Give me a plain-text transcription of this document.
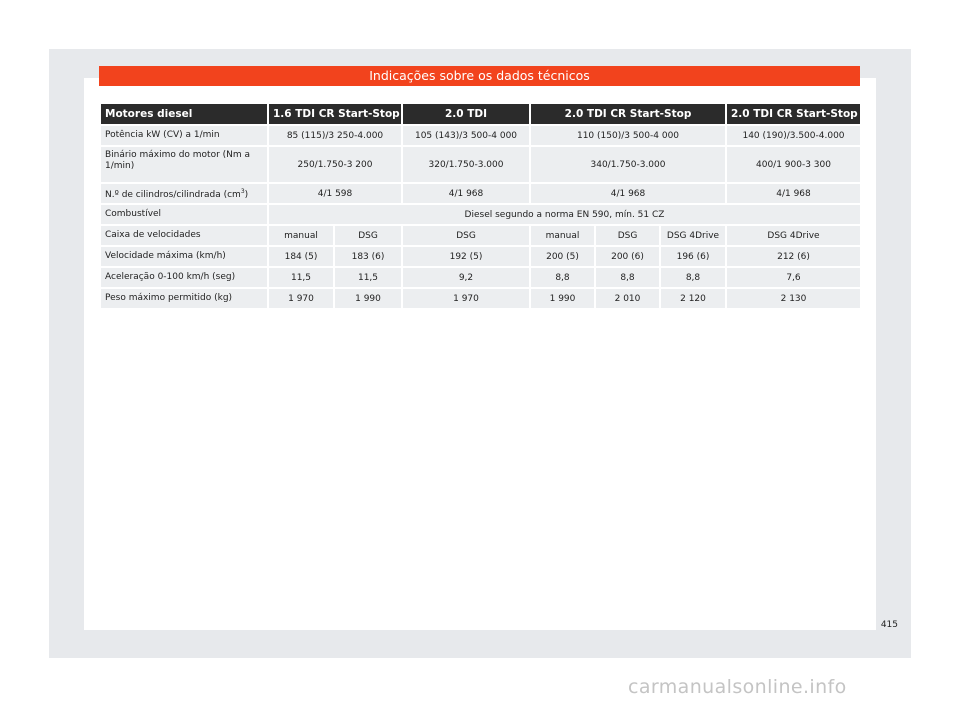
Indicações sobre os dados técnicos
Motores diesel	1.6 TDI CR Start-Stop		2.0 TDI	2.0 TDI CR Start-Stop			2.0 TDI CR Start-Stop
Potência kW (CV) a 1/min	85 (115)/3 250-4.000		105 (143)/3 500-4 000	110 (150)/3 500-4 000			140 (190)/3.500-4.000
Binário máximo do motor (Nm a 1/min)	250/1.750-3 200		320/1.750-3.000	340/1.750-3.000			400/1 900-3 300
N.º de cilindros/cilindrada $(cm^3)$	4/1 598		4/1 968	4/1 968			4/1 968
Combustível	Diesel segundo a norma EN 590, mín. 51 CZ						
Caixa de velocidades	manual	DSG	DSG	manual	DSG	DSG 4Drive	DSG 4Drive
Velocidade máxima (km/h)	184 (5)	183 (6)	192 (5)	200 (5)	200 (6)	196 (6)	212 (6)
Aceleração 0-100 km/h (seg)	11,5	11,5	9,2	8,8	8,8	8,8	7,6
Peso máximo permitido (kg)	1 970	1 990	1 970	1 990	2 010	2 120	2 130
415
carmanualsonline.info
